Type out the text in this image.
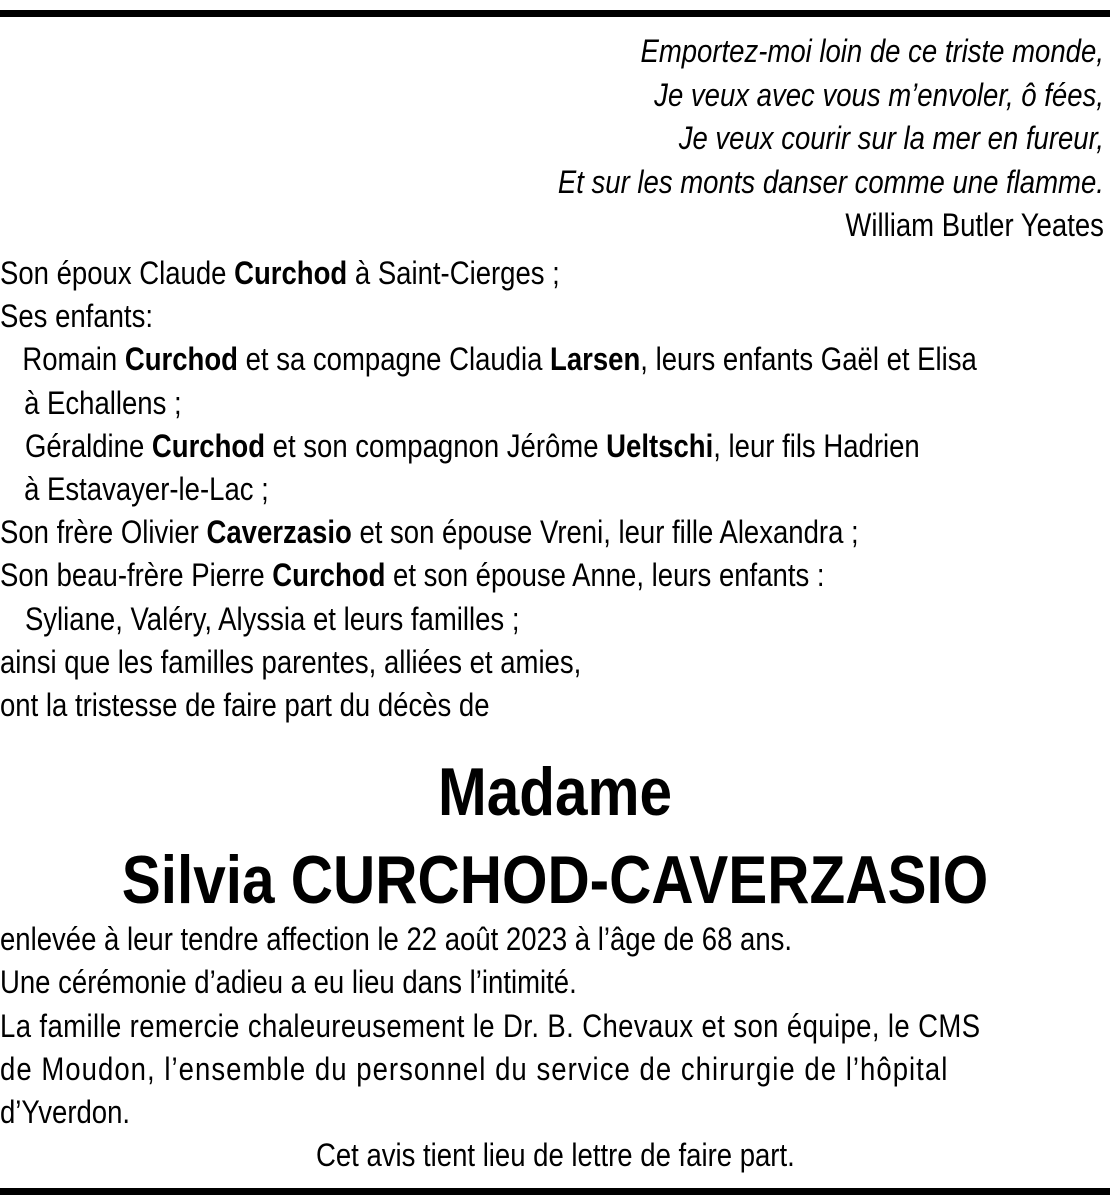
Emportez-moi loin de ce triste monde,
Je veux avec vous m’envoler, ô fées,
Je veux courir sur la mer en fureur,
Et sur les monts danser comme une flamme.
William Butler Yeates
Son époux Claude Curchod à Saint-Cierges ;
Ses enfants:
Romain Curchod et sa compagne Claudia Larsen, leurs enfants Gaël et Elisa
à Echallens ;
Géraldine Curchod et son compagnon Jérôme Ueltschi, leur fils Hadrien
à Estavayer-le-Lac ;
Son frère Olivier Caverzasio et son épouse Vreni, leur fille Alexandra ;
Son beau-frère Pierre Curchod et son épouse Anne, leurs enfants :
Syliane, Valéry, Alyssia et leurs familles ;
ainsi que les familles parentes, alliées et amies,
ont la tristesse de faire part du décès de
Madame
Silvia CURCHOD-CAVERZASIO
enlevée à leur tendre affection le 22 août 2023 à l’âge de 68 ans.
Une cérémonie d’adieu a eu lieu dans l’intimité.
La famille remercie chaleureusement le Dr. B. Chevaux et son équipe, le CMS
de Moudon, l’ensemble du personnel du service de chirurgie de l’hôpital
d’Yverdon.
Cet avis tient lieu de lettre de faire part.
